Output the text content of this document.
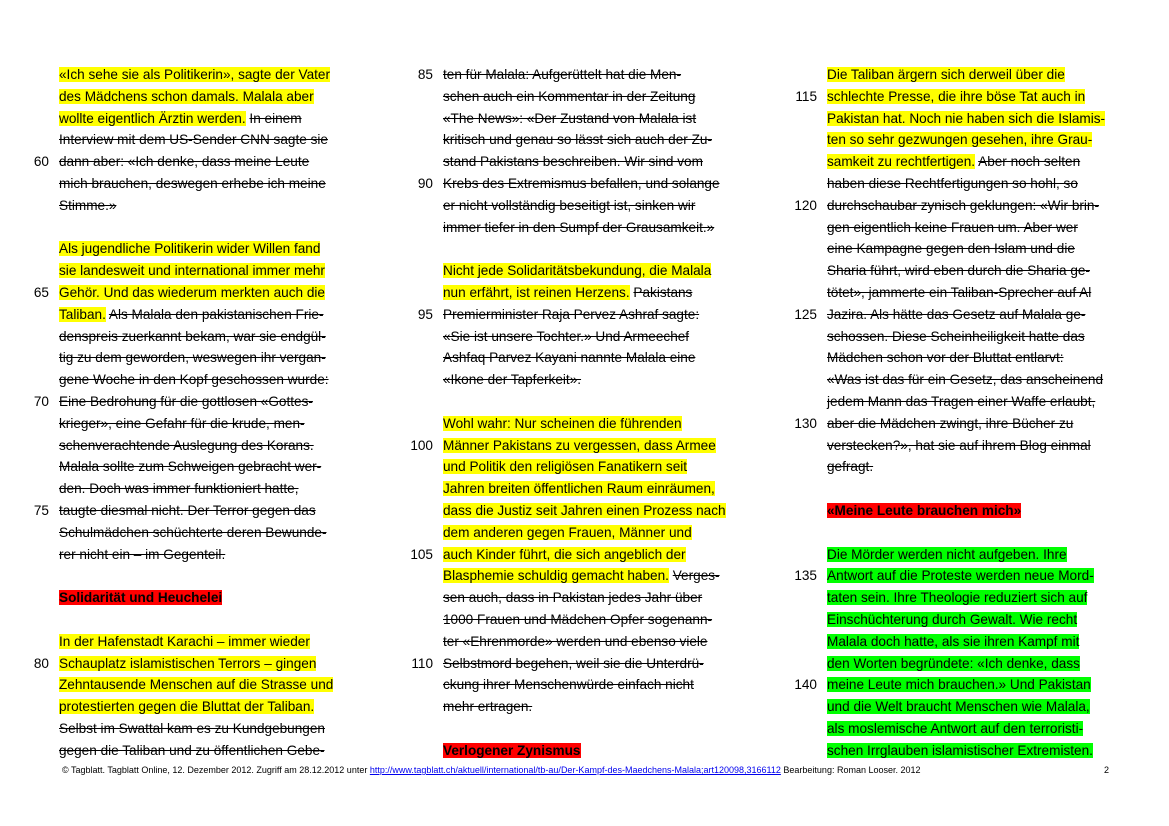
«Ich sehe sie als Politikerin», sagte der Vater
des Mädchens schon damals. Malala aber
wollte eigentlich Ärztin werden. In einem
Interview mit dem US-Sender CNN sagte sie
60 dann aber: «Ich denke, dass meine Leute
mich brauchen, deswegen erhebe ich meine
Stimme.»
Als jugendliche Politikerin wider Willen fand
sie landesweit und international immer mehr
65 Gehör. Und das wiederum merkten auch die
Taliban. Als Malala den pakistanischen Frie-
denspreis zuerkannt bekam, war sie endgül-
tig zu dem geworden, weswegen ihr vergan-
gene Woche in den Kopf geschossen wurde:
70 Eine Bedrohung für die gottlosen «Gottes-
krieger», eine Gefahr für die krude, men-
schenverachtende Auslegung des Korans.
Malala sollte zum Schweigen gebracht wer-
den. Doch was immer funktioniert hatte,
75 taugte diesmal nicht. Der Terror gegen das
Schulmädchen schüchterte deren Bewunde-
rer nicht ein – im Gegenteil.
Solidarität und Heuchelei
In der Hafenstadt Karachi – immer wieder
80 Schauplatz islamistischen Terrors – gingen
Zehntausende Menschen auf die Strasse und
protestierten gegen die Bluttat der Taliban.
Selbst im Swattal kam es zu Kundgebungen
gegen die Taliban und zu öffentlichen Gebe-
85 ten für Malala: Aufgerüttelt hat die Men-
schen auch ein Kommentar in der Zeitung
«The News»: «Der Zustand von Malala ist
kritisch und genau so lässt sich auch der Zu-
stand Pakistans beschreiben. Wir sind vom
90 Krebs des Extremismus befallen, und solange
er nicht vollständig beseitigt ist, sinken wir
immer tiefer in den Sumpf der Grausamkeit.»
Nicht jede Solidaritätsbekundung, die Malala
nun erfährt, ist reinen Herzens. Pakistans
95 Premierminister Raja Pervez Ashraf sagte:
«Sie ist unsere Tochter.» Und Armeechef
Ashfaq Parvez Kayani nannte Malala eine
«Ikone der Tapferkeit».
Wohl wahr: Nur scheinen die führenden
100 Männer Pakistans zu vergessen, dass Armee
und Politik den religiösen Fanatikern seit
Jahren breiten öffentlichen Raum einräumen,
dass die Justiz seit Jahren einen Prozess nach
dem anderen gegen Frauen, Männer und
105 auch Kinder führt, die sich angeblich der
Blasphemie schuldig gemacht haben. Verges-
sen auch, dass in Pakistan jedes Jahr über
1000 Frauen und Mädchen Opfer sogenann-
ter «Ehrenmorde» werden und ebenso viele
110 Selbstmord begehen, weil sie die Unterdrü-
ckung ihrer Menschenwürde einfach nicht
mehr ertragen.
Verlogener Zynismus
Die Taliban ärgern sich derweil über die
115 schlechte Presse, die ihre böse Tat auch in
Pakistan hat. Noch nie haben sich die Islamis-
ten so sehr gezwungen gesehen, ihre Grau-
samkeit zu rechtfertigen. Aber noch selten
haben diese Rechtfertigungen so hohl, so
120 durchschaubar zynisch geklungen: «Wir brin-
gen eigentlich keine Frauen um. Aber wer
eine Kampagne gegen den Islam und die
Sharia führt, wird eben durch die Sharia ge-
tötet», jammerte ein Taliban-Sprecher auf Al
125 Jazira. Als hätte das Gesetz auf Malala ge-
schossen. Diese Scheinheiligkeit hatte das
Mädchen schon vor der Bluttat entlarvt:
«Was ist das für ein Gesetz, das anscheinend
jedem Mann das Tragen einer Waffe erlaubt,
130 aber die Mädchen zwingt, ihre Bücher zu
verstecken?», hat sie auf ihrem Blog einmal
gefragt.
«Meine Leute brauchen mich»
Die Mörder werden nicht aufgeben. Ihre
135 Antwort auf die Proteste werden neue Mord-
taten sein. Ihre Theologie reduziert sich auf
Einschüchterung durch Gewalt. Wie recht
Malala doch hatte, als sie ihren Kampf mit
den Worten begründete: «Ich denke, dass
140 meine Leute mich brauchen.» Und Pakistan
und die Welt braucht Menschen wie Malala,
als moslemische Antwort auf den terroristi-
schen Irrglauben islamistischer Extremisten.
© Tagblatt. Tagblatt Online, 12. Dezember 2012. Zugriff am 28.12.2012 unter http://www.tagblatt.ch/aktuell/international/tb-au/Der-Kampf-des-Maedchens-Malala;art120098,3166112 Bearbeitung: Roman Looser. 2012	2
